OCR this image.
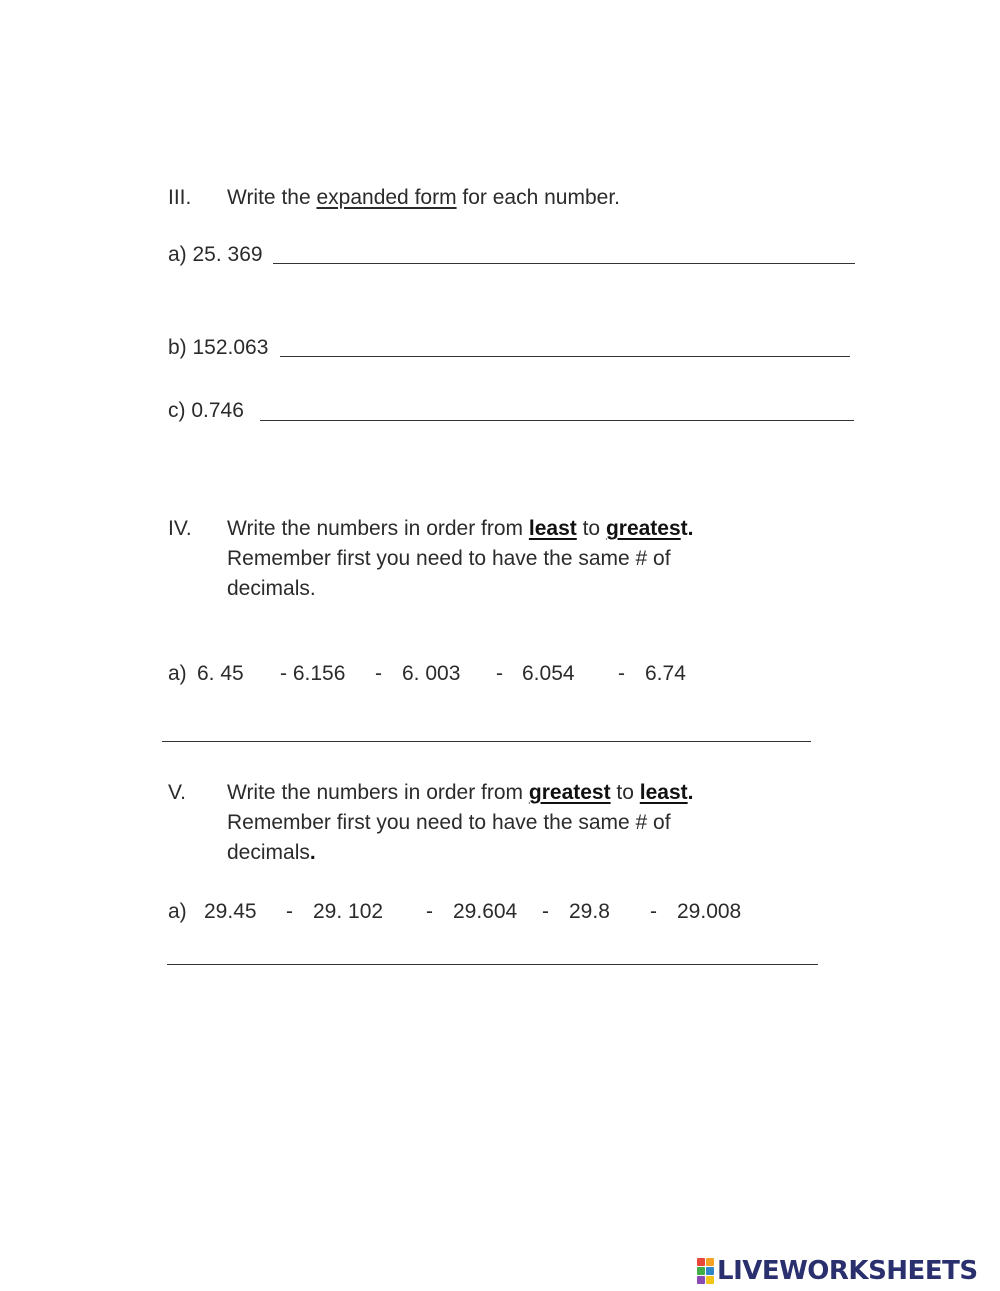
III. Write the expanded form for each number.
a) 25. 369
b) 152.063
c) 0.746
IV. Write the numbers in order from least to greatest.
Remember first you need to have the same # of
decimals.
a) 6. 45 - 6.156 - 6. 003 - 6.054 - 6.74
V. Write the numbers in order from greatest to least.
Remember first you need to have the same # of
decimals.
a) 29.45 - 29. 102 - 29.604 - 29.8 - 29.008
LIVEWORKSHEETS
